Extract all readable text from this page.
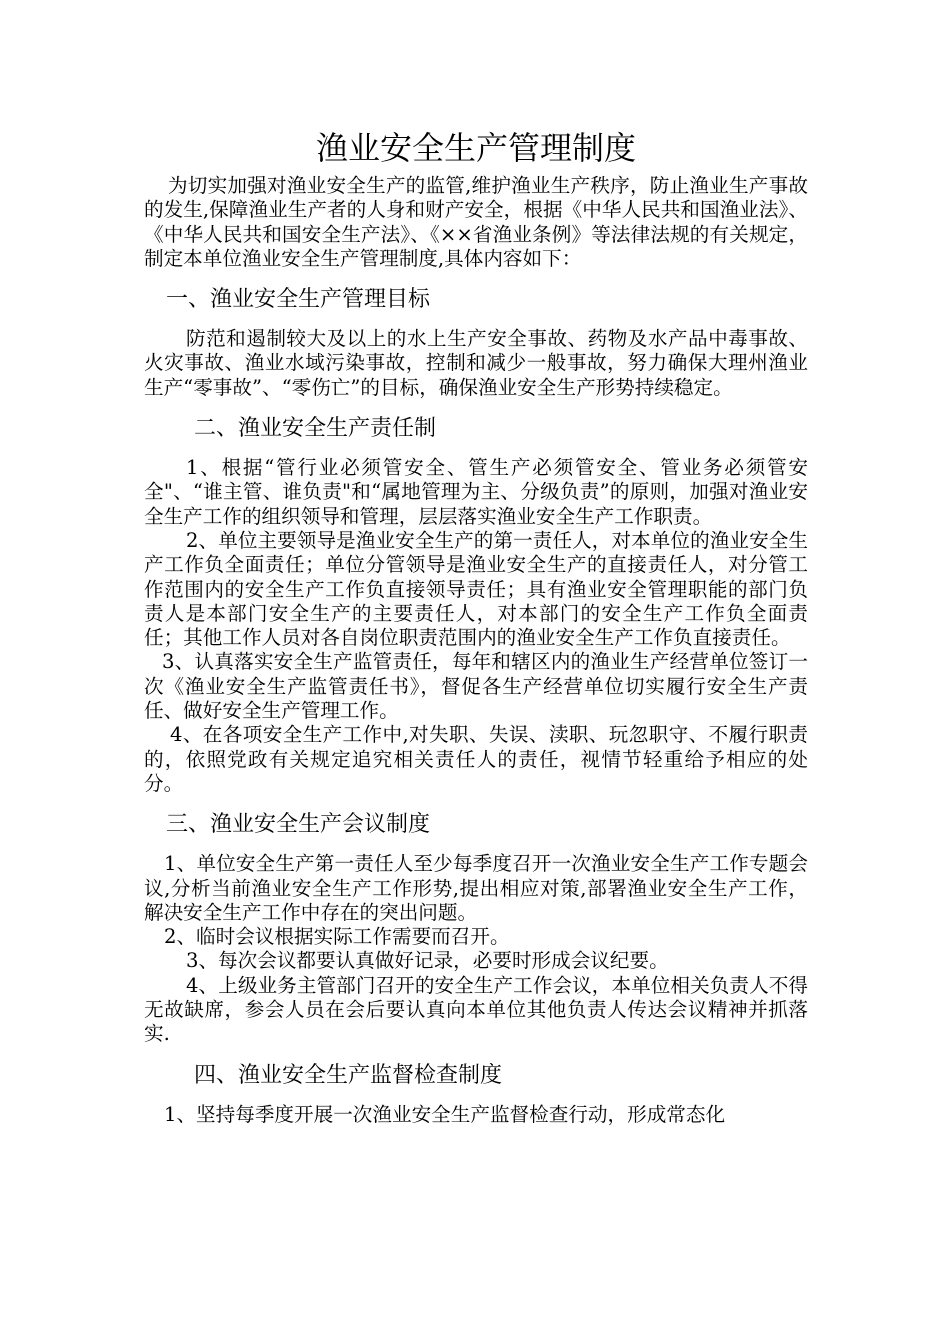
渔业安全生产管理制度

为切实加强对渔业安全生产的监管,维护渔业生产秩序，防止渔业生产事故的发生,保障渔业生产者的人身和财产安全，根据《中华人民共和国渔业法》、《中华人民共和国安全生产法》、《××省渔业条例》等法律法规的有关规定，制定本单位渔业安全生产管理制度,具体内容如下：

一、渔业安全生产管理目标

防范和遏制较大及以上的水上生产安全事故、药物及水产品中毒事故、火灾事故、渔业水域污染事故，控制和减少一般事故，努力确保大理州渔业生产“零事故”、“零伤亡”的目标，确保渔业安全生产形势持续稳定。

二、渔业安全生产责任制

1、根据“管行业必须管安全、管生产必须管安全、管业务必须管安全"、“谁主管、谁负责"和“属地管理为主、分级负责”的原则，加强对渔业安全生产工作的组织领导和管理，层层落实渔业安全生产工作职责。

2、单位主要领导是渔业安全生产的第一责任人，对本单位的渔业安全生产工作负全面责任；单位分管领导是渔业安全生产的直接责任人，对分管工作范围内的安全生产工作负直接领导责任；具有渔业安全管理职能的部门负责人是本部门安全生产的主要责任人，对本部门的安全生产工作负全面责任；其他工作人员对各自岗位职责范围内的渔业安全生产工作负直接责任。

3、认真落实安全生产监管责任，每年和辖区内的渔业生产经营单位签订一次《渔业安全生产监管责任书》，督促各生产经营单位切实履行安全生产责任、做好安全生产管理工作。

4、在各项安全生产工作中,对失职、失误、渎职、玩忽职守、不履行职责的，依照党政有关规定追究相关责任人的责任，视情节轻重给予相应的处分。

三、渔业安全生产会议制度

1、单位安全生产第一责任人至少每季度召开一次渔业安全生产工作专题会议,分析当前渔业安全生产工作形势,提出相应对策,部署渔业安全生产工作，解决安全生产工作中存在的突出问题。

2、临时会议根据实际工作需要而召开。

3、每次会议都要认真做好记录，必要时形成会议纪要。

4、上级业务主管部门召开的安全生产工作会议，本单位相关负责人不得无故缺席，参会人员在会后要认真向本单位其他负责人传达会议精神并抓落实.

四、渔业安全生产监督检查制度

1、坚持每季度开展一次渔业安全生产监督检查行动，形成常态化
